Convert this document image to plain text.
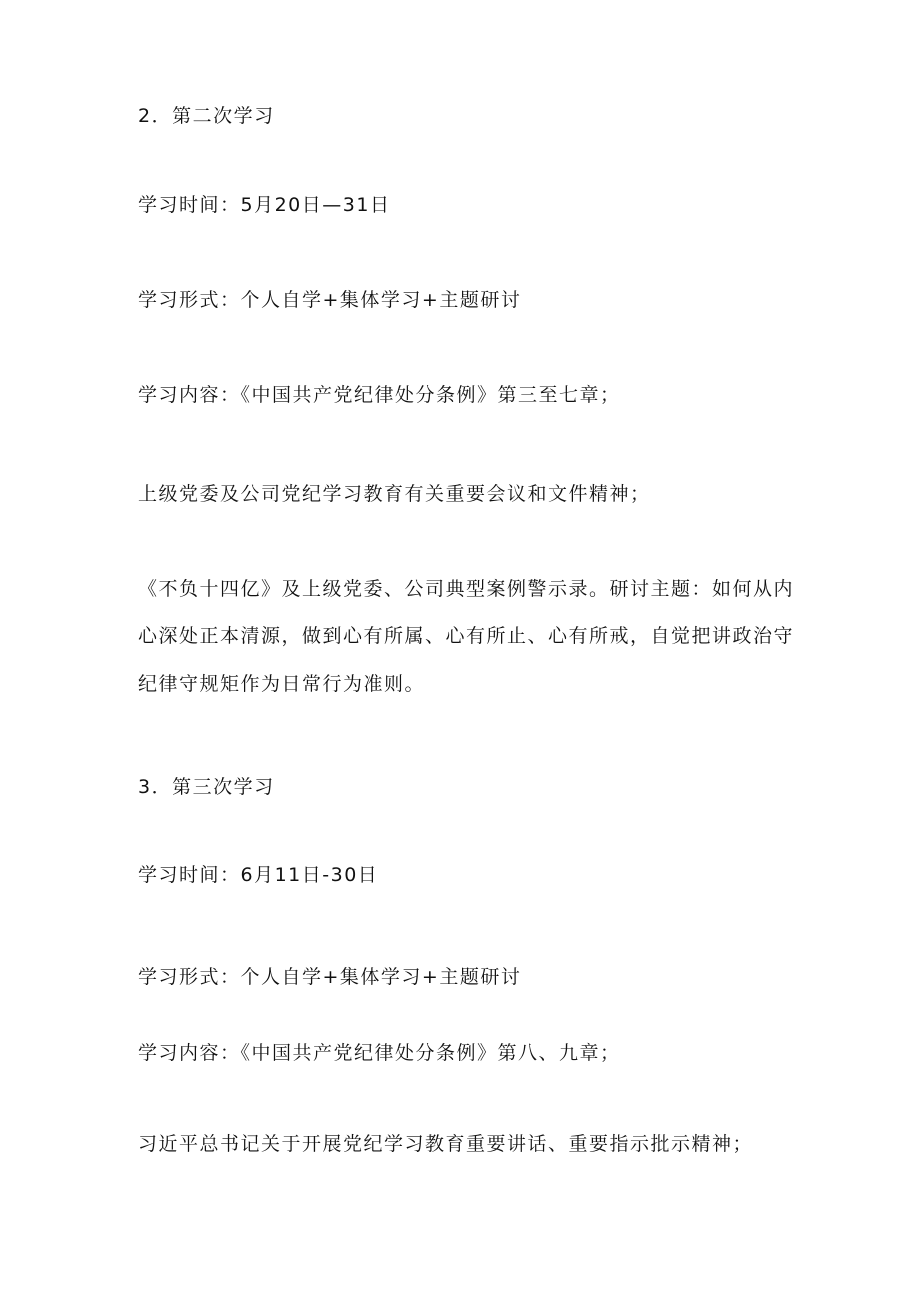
2．第二次学习
学习时间：5月20日—31日
学习形式：个人自学+集体学习+主题研讨
学习内容：《中国共产党纪律处分条例》第三至七章；
上级党委及公司党纪学习教育有关重要会议和文件精神；
《不负十四亿》及上级党委、公司典型案例警示录。研讨主题：如何从内
心深处正本清源，做到心有所属、心有所止、心有所戒，自觉把讲政治守
纪律守规矩作为日常行为准则。
3．第三次学习
学习时间：6月11日-30日
学习形式：个人自学+集体学习+主题研讨
学习内容：《中国共产党纪律处分条例》第八、九章；
习近平总书记关于开展党纪学习教育重要讲话、重要指示批示精神；
